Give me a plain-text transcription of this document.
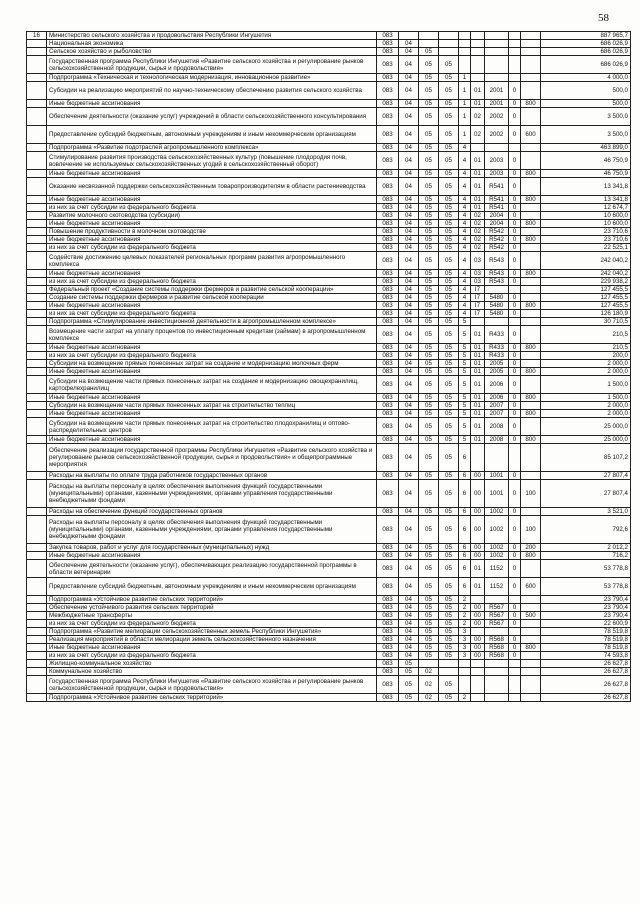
58
16	Министерство сельского хозяйства и продовольствия Республики Ингушетия	083									887 965,7
	Национальная экономика	083	04								686 026,9
	Сельское хозяйство и рыболовство	083	04	05							686 026,9
	Государственная программа Республики Ингушетия «Развитие сельского хозяйства и регулирование рынков сельскохозяйственной продукции, сырья и продовольствия»	083	04	05	05						686 026,9
	Подпрограмма «Техническая и технологическая модернизация, инновационное развитие»	083	04	05	05	1					4 000,0
	Субсидии на реализацию мероприятий по научно-техническому обеспечению развития сельского хозяйства	083	04	05	05	1	01	2001	0		500,0
	Иные бюджетные ассигнования	083	04	05	05	1	01	2001	0	800	500,0
	Обеспечение деятельности (оказание услуг) учреждений в области сельскохозяйственного консультирования	083	04	05	05	1	02	2002	0		3 500,0
	Предоставление субсидий бюджетным, автономным учреждениям и иным некоммерческим организациям	083	04	05	05	1	02	2002	0	600	3 500,0
	Подпрограмма «Развитие подотраслей агропромышленного комплекса»	083	04	05	05	4					463 899,0
	Стимулирование развития производства сельскохозяйственных культур (повышение плодородия почв, вовлечение не используемых сельскохозяйственных угодий в сельскохозяйственный оборот)	083	04	05	05	4	01	2003	0		46 750,9
	Иные бюджетные ассигнования	083	04	05	05	4	01	2003	0	800	46 750,9
	Оказание несвязанной поддержки сельскохозяйственным товаропроизводителям в области растениеводства	083	04	05	05	4	01	R541	0		13 341,8
	Иные бюджетные ассигнования	083	04	05	05	4	01	R541	0	800	13 341,8
	из них за счет субсидии из федерального бюджета	083	04	05	05	4	01	R541	0		12 674,7
	Развитие молочного скотоводства (субсидии)	083	04	05	05	4	02	2004	0		10 600,0
	Иные бюджетные ассигнования	083	04	05	05	4	02	2004	0	800	10 600,0
	Повышение продуктивности в молочном скотоводстве	083	04	05	05	4	02	R542	0		23 710,6
	Иные бюджетные ассигнования	083	04	05	05	4	02	R542	0	800	23 710,6
	из них за счет субсидии из федерального бюджета	083	04	05	05	4	02	R542	0		22 525,1
	Содействие достижению целевых показателей региональных программ развития агропромышленного комплекса	083	04	05	05	4	03	R543	0		242 040,2
	Иные бюджетные ассигнования	083	04	05	05	4	03	R543	0	800	242 040,2
	из них за счет субсидии из федерального бюджета	083	04	05	05	4	03	R543	0		229 938,2
	Федеральный проект «Создание системы поддержки фермеров и развитие сельской кооперации»	083	04	05	05	4	I7				127 455,5
	Создание системы поддержки фермеров и развитие сельской кооперации	083	04	05	05	4	I7	5480	0		127 455,5
	Иные бюджетные ассигнования	083	04	05	05	4	I7	5480	0	800	127 455,5
	из них за счет субсидии из федерального бюджета	083	04	05	05	4	I7	5480	0		126 180,9
	Подпрограмма «Стимулирование инвестиционной деятельности в агропромышленном комплексе»	083	04	05	05	5					30 710,5
	Возмещение части затрат на уплату процентов по инвестиционным кредитам (займам) в агропромышленном комплексе	083	04	05	05	5	01	R433	0		210,5
	Иные бюджетные ассигнования	083	04	05	05	5	01	R433	0	800	210,5
	из них за счет субсидии из федерального бюджета	083	04	05	05	5	01	R433	0		200,0
	Субсидии на возмещение прямых понесенных затрат на создание и модернизацию молочных ферм	083	04	05	05	5	01	2005	0		2 000,0
	Иные бюджетные ассигнования	083	04	05	05	5	01	2005	0	800	2 000,0
	Субсидии на возмещение части прямых понесенных затрат на создание и модернизацию овощехранилищ, картофелехранилищ	083	04	05	05	5	01	2006	0		1 500,0
	Иные бюджетные ассигнования	083	04	05	05	5	01	2006	0	800	1 500,0
	Субсидии на возмещение части прямых понесенных затрат на строительство теплиц	083	04	05	05	5	01	2007	0		2 000,0
	Иные бюджетные ассигнования	083	04	05	05	5	01	2007	0	800	2 000,0
	Субсидии на возмещение части прямых понесенных затрат на строительство плодохранилищ и оптово-распределительных центров	083	04	05	05	5	01	2008	0		25 000,0
	Иные бюджетные ассигнования	083	04	05	05	5	01	2008	0	800	25 000,0
	Обеспечение реализации государственной программы Республики Ингушетия «Развитие сельского хозяйства и регулирование рынков сельскохозяйственной продукции, сырья и продовольствия» и общепрограммные мероприятия	083	04	05	05	6					85 107,2
	Расходы на выплаты по оплате труда работников государственных органов	083	04	05	05	6	00	1001	0		27 807,4
	Расходы на выплаты персоналу в целях обеспечения выполнения функций государственными (муниципальными) органами, казенными учреждениями, органами управления государственными внебюджетными фондами	083	04	05	05	6	00	1001	0	100	27 807,4
	Расходы на обеспечение функций государственных органов	083	04	05	05	6	00	1002	0		3 521,0
	Расходы на выплаты персоналу в целях обеспечения выполнения функций государственными (муниципальными) органами, казенными учреждениями, органами управления государственными внебюджетными фондами	083	04	05	05	6	00	1002	0	100	792,6
	Закупка товаров, работ и услуг для государственных (муниципальных) нужд	083	04	05	05	6	00	1002	0	200	2 012,2
	Иные бюджетные ассигнования	083	04	05	05	6	00	1002	0	800	716,2
	Обеспечение деятельности (оказание услуг), обеспечивающих реализацию государственной программы в области ветеринарии	083	04	05	05	6	01	1152	0		53 778,8
	Предоставление субсидий бюджетным, автономным учреждениям и иным некоммерческим организациям	083	04	05	05	6	01	1152	0	600	53 778,8
	Подпрограмма «Устойчивое развитие сельских территорий»	083	04	05	05	2					23 790,4
	Обеспечение устойчивого развития сельских территорий	083	04	05	05	2	00	R567	0		23 790,4
	Межбюджетные трансферты	083	04	05	05	2	00	R567	0	500	23 790,4
	из них за счет субсидии из федерального бюджета	083	04	05	05	2	00	R567	0		22 600,9
	Подпрограмма «Развитие мелиорации сельскохозяйственных земель Республики Ингушетия»	083	04	05	05	3					78 519,8
	Реализация мероприятий в области мелиорации земель сельскохозяйственного назначения	083	04	05	05	3	00	R568	0		78 519,8
	Иные бюджетные ассигнования	083	04	05	05	3	00	R568	0	800	78 519,8
	из них за счет субсидии из федерального бюджета	083	04	05	05	3	00	R568	0		74 593,8
	Жилищно-коммунальное хозяйство	083	05								26 627,8
	Коммунальное хозяйство	083	05	02							26 627,8
	Государственная программа Республики Ингушетия «Развитие сельского хозяйства и регулирование рынков сельскохозяйственной продукции, сырья и продовольствия»	083	05	02	05						26 627,8
	Подпрограмма «Устойчивое развитие сельских территорий»	083	05	02	05	2					26 627,8
